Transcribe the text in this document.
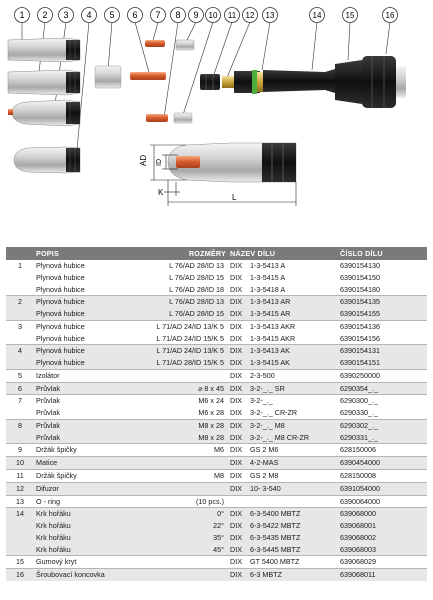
1 2 3 4 5 6 7 8 9 10 11 12 13	14	15	16
AD ID
K
L
	POPIS	ROZMĚRY	NÁZEV DÍLU		ČÍSLO DÍLU
1	Plynová hubice	L 76/AD 28/ID 13	DIX	1-3-5413 A	6390154130
	Plynová hubice	L 76/AD 28/ID 15	DIX	1-3-5415 A	6390154150
	Plynová hubice	L 76/AD 28/ID 18	DIX	1-3-5418 A	6390154180
2	Plynová hubice	L 76/AD 28/ID 13	DIX	1-3-5413 AR	6390154135
	Plynová hubice	L 76/AD 28/ID 15	DIX	1-3-5415 AR	6390154155
3	Plynová hubice	L 71/AD 24/ID 13/K 5	DIX	1-3-5413 AKR	6390154136
	Plynová hubice	L 71/AD 24/ID 15/K 5	DIX	1-3-5415 AKR	6390154156
4	Plynová hubice	L 71/AD 24/ID 13/K 5	DIX	1-3-5413 AK	6390154131
	Plynová hubice	L 71/AD 28/ID 15/K 5	DIX	1-3-5415 AK	6390154151
5	Izolátor		DIX	2-3-500	6390250000
6	Průvlak	⌀ 8 x 45	DIX	3-2-_._ SR	6290354_._
7	Průvlak	M6 x 24	DIX	3-2-_._	6290300_._
	Průvlak	M6 x 28	DIX	3-2-_._ CR-ZR	6290330_._
8	Průvlak	M8 x 28	DIX	3-2-_._ M8	6290302_._
	Průvlak	M8 x 28	DIX	3-2-_._ M8 CR-ZR	6290331_._
9	Držák špičky	M6	DIX	GS 2 M6	628150006
10	Matice		DIX	4-2-MAS	6390454000
11	Držák špičky	M8	DIX	GS 2 M8	628150008
12	Difuzor		DIX	10- 3-540	6391054000
13	O - ring	(10 pcs.)			6390064000
14	Krk hořáku	0°	DIX	6-3-5400 MBTZ	639068000
	Krk hořáku	22°	DIX	6-3-5422 MBTZ	639068001
	Krk hořáku	35°	DIX	6-3-5435 MBTZ	639068002
	Krk hořáku	45°	DIX	6-3-5445 MBTZ	639068003
15	Gumový kryt		DIX	GT 5400 MBTZ	639068029
16	Šroubovací koncovka		DIX	6-3 MBTZ	639068011
